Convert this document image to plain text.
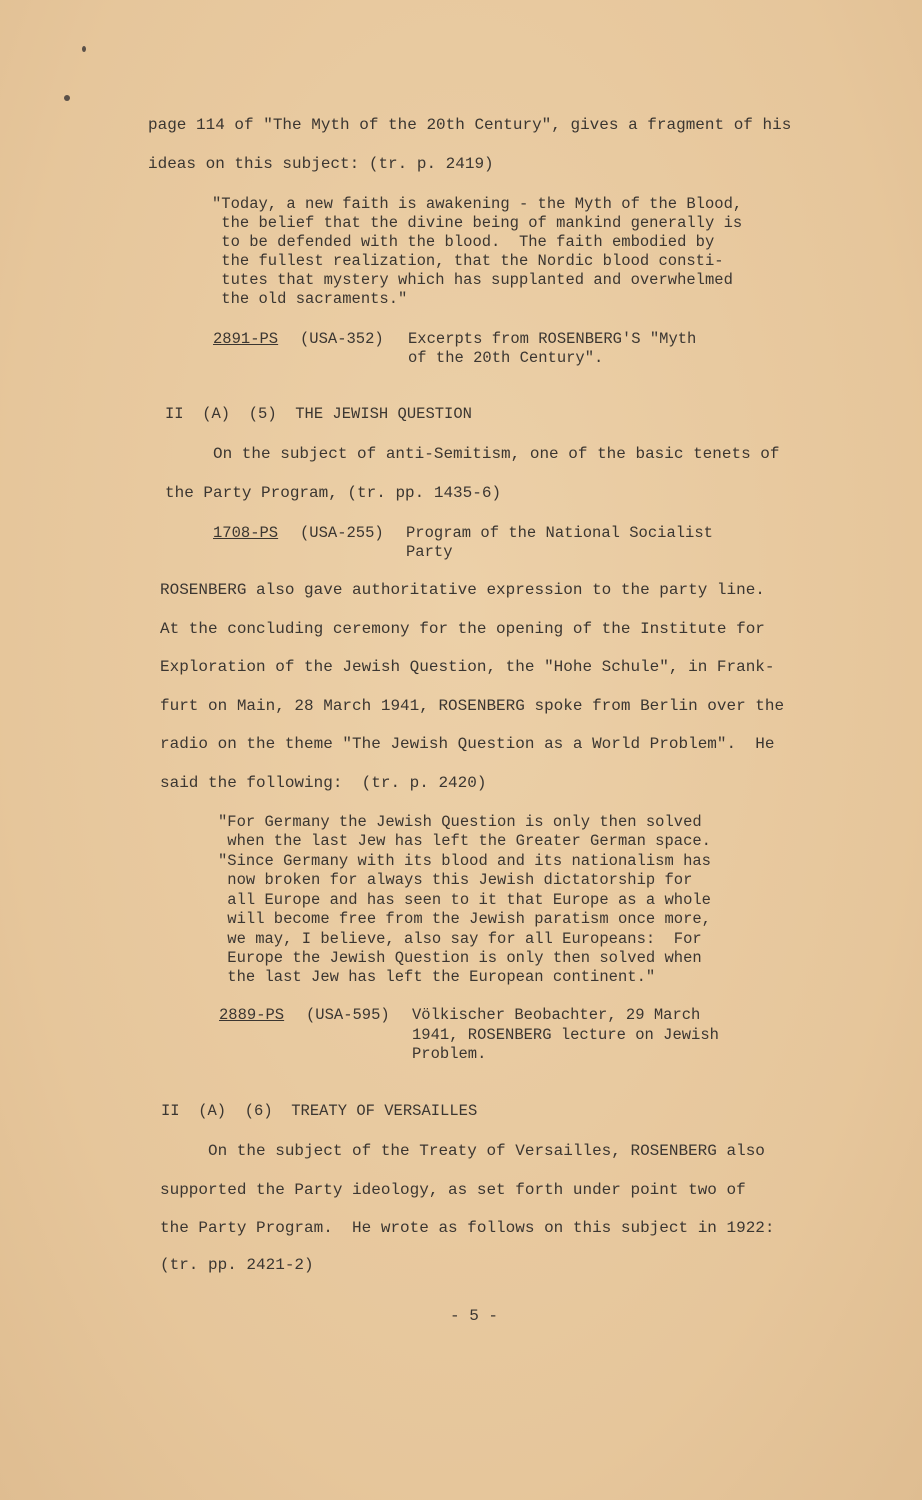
page 114 of "The Myth of the 20th Century", gives a fragment of his
ideas on this subject: (tr. p. 2419)
"Today, a new faith is awakening - the Myth of the Blood,
the belief that the divine being of mankind generally is
to be defended with the blood.  The faith embodied by
the fullest realization, that the Nordic blood consti-
tutes that mystery which has supplanted and overwhelmed
the old sacraments."
2891-PS (USA-352) Excerpts from ROSENBERG'S "Myth
of the 20th Century".
II  (A)  (5)  THE JEWISH QUESTION
On the subject of anti-Semitism, one of the basic tenets of
the Party Program, (tr. pp. 1435-6)
1708-PS (USA-255) Program of the National Socialist
Party
ROSENBERG also gave authoritative expression to the party line.
At the concluding ceremony for the opening of the Institute for
Exploration of the Jewish Question, the "Hohe Schule", in Frank-
furt on Main, 28 March 1941, ROSENBERG spoke from Berlin over the
radio on the theme "The Jewish Question as a World Problem".  He
said the following:  (tr. p. 2420)
"For Germany the Jewish Question is only then solved
when the last Jew has left the Greater German space.
"Since Germany with its blood and its nationalism has
now broken for always this Jewish dictatorship for
all Europe and has seen to it that Europe as a whole
will become free from the Jewish paratism once more,
we may, I believe, also say for all Europeans:  For
Europe the Jewish Question is only then solved when
the last Jew has left the European continent."
2889-PS (USA-595) Völkischer Beobachter, 29 March
1941, ROSENBERG lecture on Jewish
Problem.
II  (A)  (6)  TREATY OF VERSAILLES
On the subject of the Treaty of Versailles, ROSENBERG also
supported the Party ideology, as set forth under point two of
the Party Program.  He wrote as follows on this subject in 1922:
(tr. pp. 2421-2)
- 5 -
